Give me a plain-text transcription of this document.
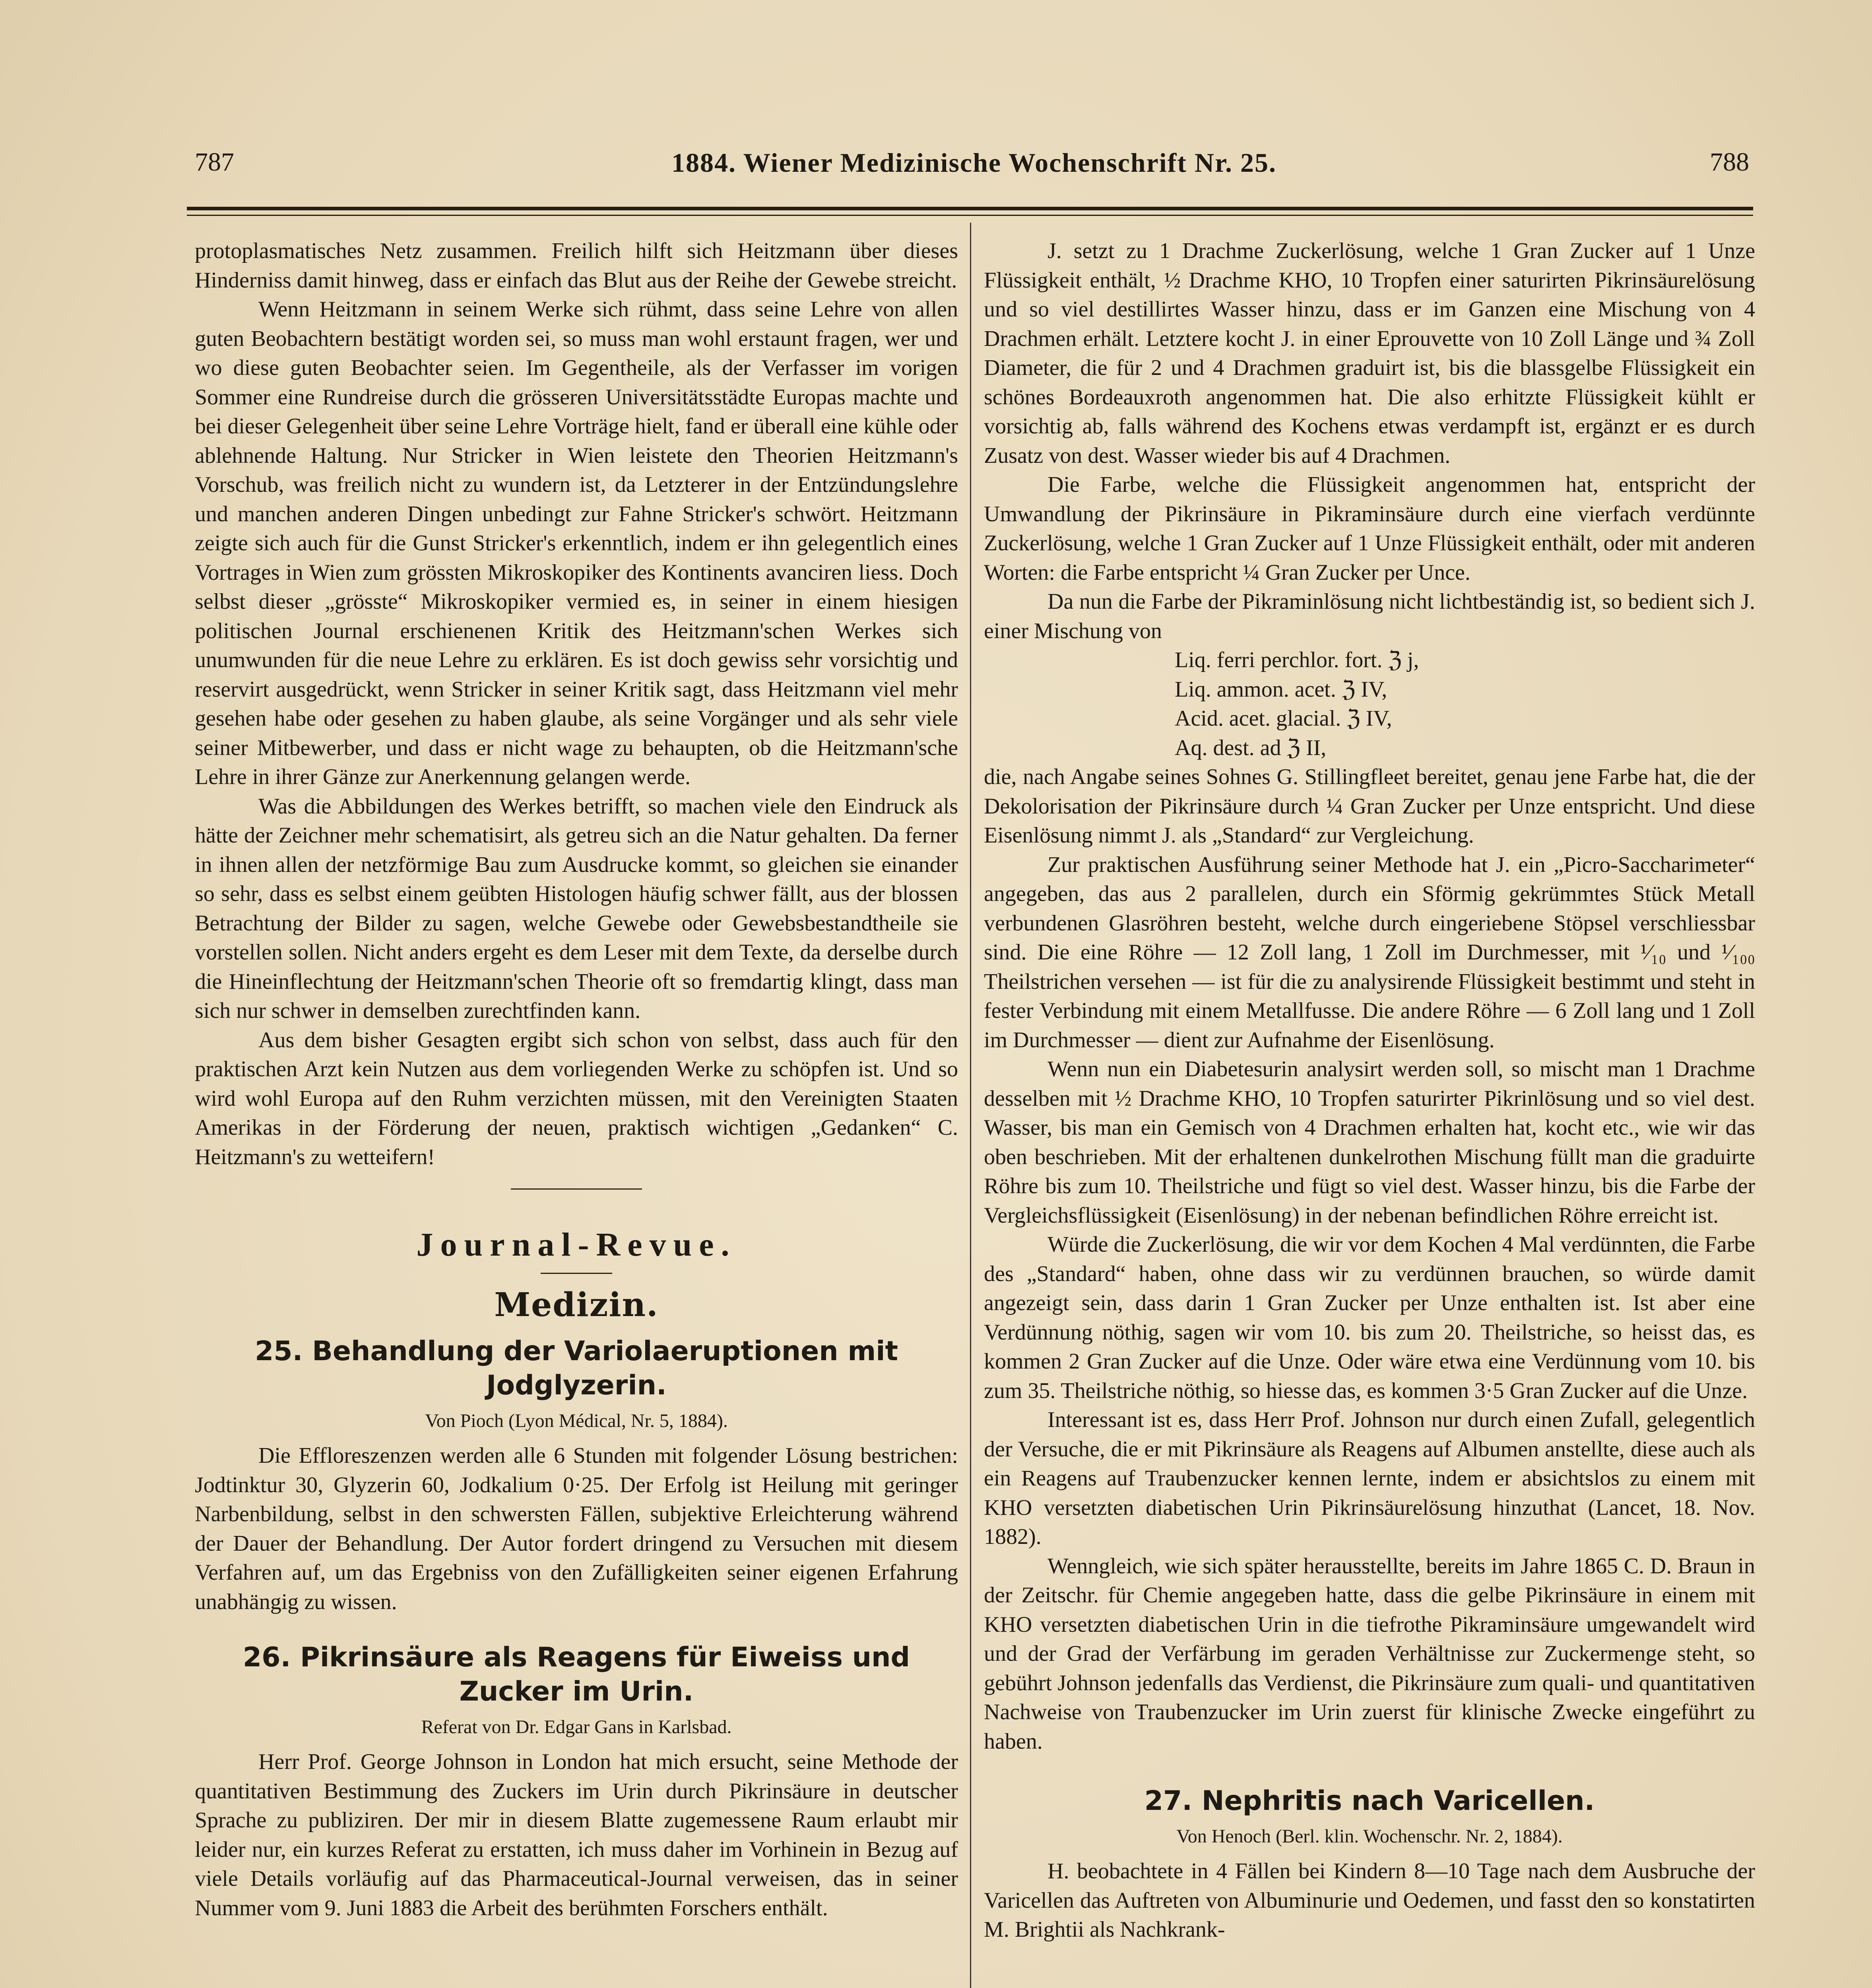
787	1884. Wiener Medizinische Wochenschrift Nr. 25.	788

protoplasmatisches Netz zusammen. Freilich hilft sich Heitzmann über dieses Hinderniss damit hinweg, dass er einfach das Blut aus der Reihe der Gewebe streicht.

Wenn Heitzmann in seinem Werke sich rühmt, dass seine Lehre von allen guten Beobachtern bestätigt worden sei, so muss man wohl erstaunt fragen, wer und wo diese guten Beobachter seien. Im Gegentheile, als der Verfasser im vorigen Sommer eine Rundreise durch die grösseren Universitätsstädte Europas machte und bei dieser Gelegenheit über seine Lehre Vorträge hielt, fand er überall eine kühle oder ablehnende Haltung. Nur Stricker in Wien leistete den Theorien Heitzmann's Vorschub, was freilich nicht zu wundern ist, da Letzterer in der Entzündungslehre und manchen anderen Dingen unbedingt zur Fahne Stricker's schwört. Heitzmann zeigte sich auch für die Gunst Stricker's erkenntlich, indem er ihn gelegentlich eines Vortrages in Wien zum grössten Mikroskopiker des Kontinents avanciren liess. Doch selbst dieser „grösste“ Mikroskopiker vermied es, in seiner in einem hiesigen politischen Journal erschienenen Kritik des Heitzmann'schen Werkes sich unumwunden für die neue Lehre zu erklären. Es ist doch gewiss sehr vorsichtig und reservirt ausgedrückt, wenn Stricker in seiner Kritik sagt, dass Heitzmann viel mehr gesehen habe oder gesehen zu haben glaube, als seine Vorgänger und als sehr viele seiner Mitbewerber, und dass er nicht wage zu behaupten, ob die Heitzmann'sche Lehre in ihrer Gänze zur Anerkennung gelangen werde.

Was die Abbildungen des Werkes betrifft, so machen viele den Eindruck als hätte der Zeichner mehr schematisirt, als getreu sich an die Natur gehalten. Da ferner in ihnen allen der netzförmige Bau zum Ausdrucke kommt, so gleichen sie einander so sehr, dass es selbst einem geübten Histologen häufig schwer fällt, aus der blossen Betrachtung der Bilder zu sagen, welche Gewebe oder Gewebsbestandtheile sie vorstellen sollen. Nicht anders ergeht es dem Leser mit dem Texte, da derselbe durch die Hineinflechtung der Heitzmann'schen Theorie oft so fremdartig klingt, dass man sich nur schwer in demselben zurechtfinden kann.

Aus dem bisher Gesagten ergibt sich schon von selbst, dass auch für den praktischen Arzt kein Nutzen aus dem vorliegenden Werke zu schöpfen ist. Und so wird wohl Europa auf den Ruhm verzichten müssen, mit den Vereinigten Staaten Amerikas in der Förderung der neuen, praktisch wichtigen „Gedanken“ C. Heitzmann's zu wetteifern!

Journal-Revue.
Medizin.
25. Behandlung der Variolaeruptionen mit Jodglyzerin.
Von Pioch (Lyon Médical, Nr. 5, 1884).

Die Effloreszenzen werden alle 6 Stunden mit folgender Lösung bestrichen: Jodtinktur 30, Glyzerin 60, Jodkalium 0·25. Der Erfolg ist Heilung mit geringer Narbenbildung, selbst in den schwersten Fällen, subjektive Erleichterung während der Dauer der Behandlung. Der Autor fordert dringend zu Versuchen mit diesem Verfahren auf, um das Ergebniss von den Zufälligkeiten seiner eigenen Erfahrung unabhängig zu wissen.

26. Pikrinsäure als Reagens für Eiweiss und Zucker im Urin.
Referat von Dr. Edgar Gans in Karlsbad.

Herr Prof. George Johnson in London hat mich ersucht, seine Methode der quantitativen Bestimmung des Zuckers im Urin durch Pikrinsäure in deutscher Sprache zu publiziren. Der mir in diesem Blatte zugemessene Raum erlaubt mir leider nur, ein kurzes Referat zu erstatten, ich muss daher im Vorhinein in Bezug auf viele Details vorläufig auf das Pharmaceutical-Journal verweisen, das in seiner Nummer vom 9. Juni 1883 die Arbeit des berühmten Forschers enthält.

J. setzt zu 1 Drachme Zuckerlösung, welche 1 Gran Zucker auf 1 Unze Flüssigkeit enthält, ½ Drachme KHO, 10 Tropfen einer saturirten Pikrinsäurelösung und so viel destillirtes Wasser hinzu, dass er im Ganzen eine Mischung von 4 Drachmen erhält. Letztere kocht J. in einer Eprouvette von 10 Zoll Länge und ¾ Zoll Diameter, die für 2 und 4 Drachmen graduirt ist, bis die blassgelbe Flüssigkeit ein schönes Bordeauxroth angenommen hat. Die also erhitzte Flüssigkeit kühlt er vorsichtig ab, falls während des Kochens etwas verdampft ist, ergänzt er es durch Zusatz von dest. Wasser wieder bis auf 4 Drachmen.

Die Farbe, welche die Flüssigkeit angenommen hat, entspricht der Umwandlung der Pikrinsäure in Pikraminsäure durch eine vierfach verdünnte Zuckerlösung, welche 1 Gran Zucker auf 1 Unze Flüssigkeit enthält, oder mit anderen Worten: die Farbe entspricht ¼ Gran Zucker per Unce.

Da nun die Farbe der Pikraminlösung nicht lichtbeständig ist, so bedient sich J. einer Mischung von

Liq. ferri perchlor. fort. ℨ j,
Liq. ammon. acet. ℨ IV,
Acid. acet. glacial. ℨ IV,
Aq. dest. ad ℨ II,

die, nach Angabe seines Sohnes G. Stillingfleet bereitet, genau jene Farbe hat, die der Dekolorisation der Pikrinsäure durch ¼ Gran Zucker per Unze entspricht. Und diese Eisenlösung nimmt J. als „Standard“ zur Vergleichung.

Zur praktischen Ausführung seiner Methode hat J. ein „Picro-Saccharimeter“ angegeben, das aus 2 parallelen, durch ein Sförmig gekrümmtes Stück Metall verbundenen Glasröhren besteht, welche durch eingeriebene Stöpsel verschliessbar sind. Die eine Röhre — 12 Zoll lang, 1 Zoll im Durchmesser, mit ¹⁄₁₀ und ¹⁄₁₀₀ Theilstrichen versehen — ist für die zu analysirende Flüssigkeit bestimmt und steht in fester Verbindung mit einem Metallfusse. Die andere Röhre — 6 Zoll lang und 1 Zoll im Durchmesser — dient zur Aufnahme der Eisenlösung.

Wenn nun ein Diabetesurin analysirt werden soll, so mischt man 1 Drachme desselben mit ½ Drachme KHO, 10 Tropfen saturirter Pikrinlösung und so viel dest. Wasser, bis man ein Gemisch von 4 Drachmen erhalten hat, kocht etc., wie wir das oben beschrieben. Mit der erhaltenen dunkelrothen Mischung füllt man die graduirte Röhre bis zum 10. Theilstriche und fügt so viel dest. Wasser hinzu, bis die Farbe der Vergleichsflüssigkeit (Eisenlösung) in der nebenan befindlichen Röhre erreicht ist.

Würde die Zuckerlösung, die wir vor dem Kochen 4 Mal verdünnten, die Farbe des „Standard“ haben, ohne dass wir zu verdünnen brauchen, so würde damit angezeigt sein, dass darin 1 Gran Zucker per Unze enthalten ist. Ist aber eine Verdünnung nöthig, sagen wir vom 10. bis zum 20. Theilstriche, so heisst das, es kommen 2 Gran Zucker auf die Unze. Oder wäre etwa eine Verdünnung vom 10. bis zum 35. Theilstriche nöthig, so hiesse das, es kommen 3·5 Gran Zucker auf die Unze.

Interessant ist es, dass Herr Prof. Johnson nur durch einen Zufall, gelegentlich der Versuche, die er mit Pikrinsäure als Reagens auf Albumen anstellte, diese auch als ein Reagens auf Traubenzucker kennen lernte, indem er absichtslos zu einem mit KHO versetzten diabetischen Urin Pikrinsäurelösung hinzuthat (Lancet, 18. Nov. 1882).

Wenngleich, wie sich später herausstellte, bereits im Jahre 1865 C. D. Braun in der Zeitschr. für Chemie angegeben hatte, dass die gelbe Pikrinsäure in einem mit KHO versetzten diabetischen Urin in die tiefrothe Pikraminsäure umgewandelt wird und der Grad der Verfärbung im geraden Verhältnisse zur Zuckermenge steht, so gebührt Johnson jedenfalls das Verdienst, die Pikrinsäure zum quali- und quantitativen Nachweise von Traubenzucker im Urin zuerst für klinische Zwecke eingeführt zu haben.

27. Nephritis nach Varicellen.
Von Henoch (Berl. klin. Wochenschr. Nr. 2, 1884).

H. beobachtete in 4 Fällen bei Kindern 8—10 Tage nach dem Ausbruche der Varicellen das Auftreten von Albuminurie und Oedemen, und fasst den so konstatirten M. Brightii als Nachkrank-
